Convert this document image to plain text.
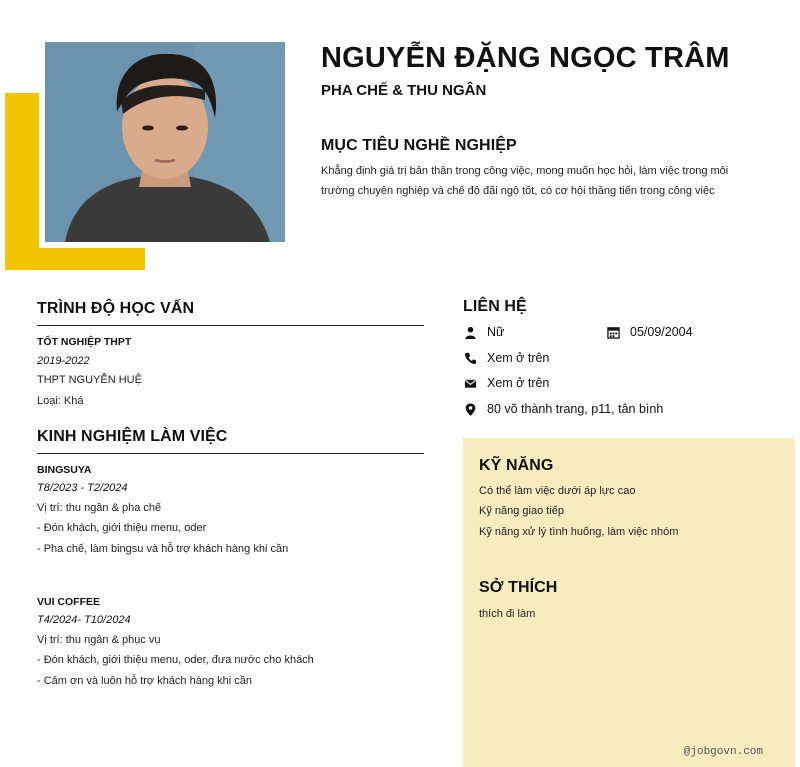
NGUYỄN ĐẶNG NGỌC TRÂM
PHA CHẾ & THU NGÂN
MỤC TIÊU NGHỀ NGHIỆP
Khẳng định giá trị bản thân trong công việc, mong muốn học hỏi, làm việc trong môi trường chuyên nghiệp và chế độ đãi ngộ tốt, có cơ hội thăng tiến trong công việc
TRÌNH ĐỘ HỌC VẤN
TỐT NGHIỆP THPT
2019-2022
THPT NGUYỄN HUỆ
Loại: Khá
KINH NGHIỆM LÀM VIỆC
BINGSUYA
T8/2023 - T2/2024
Vị trí: thu ngân & pha chế
- Đón khách, giới thiệu menu, oder
- Pha chế, làm bingsu và hỗ trợ khách hàng khi cần
VUI COFFEE
T4/2024- T10/2024
Vị trí: thu ngân & phục vụ
- Đón khách, giới thiệu menu, oder, đưa nước cho khách
- Cảm ơn và luôn hỗ trợ khách hàng khi cần
LIÊN HỆ
Nữ	05/09/2004
Xem ở trên
Xem ở trên
80 võ thành trang, p11, tân bình
KỸ NĂNG
Có thể làm việc dưới áp lực cao
Kỹ năng giao tiếp
Kỹ năng xử lý tình huống, làm việc nhóm
SỞ THÍCH
thích đi làm
@jobgovn.com
